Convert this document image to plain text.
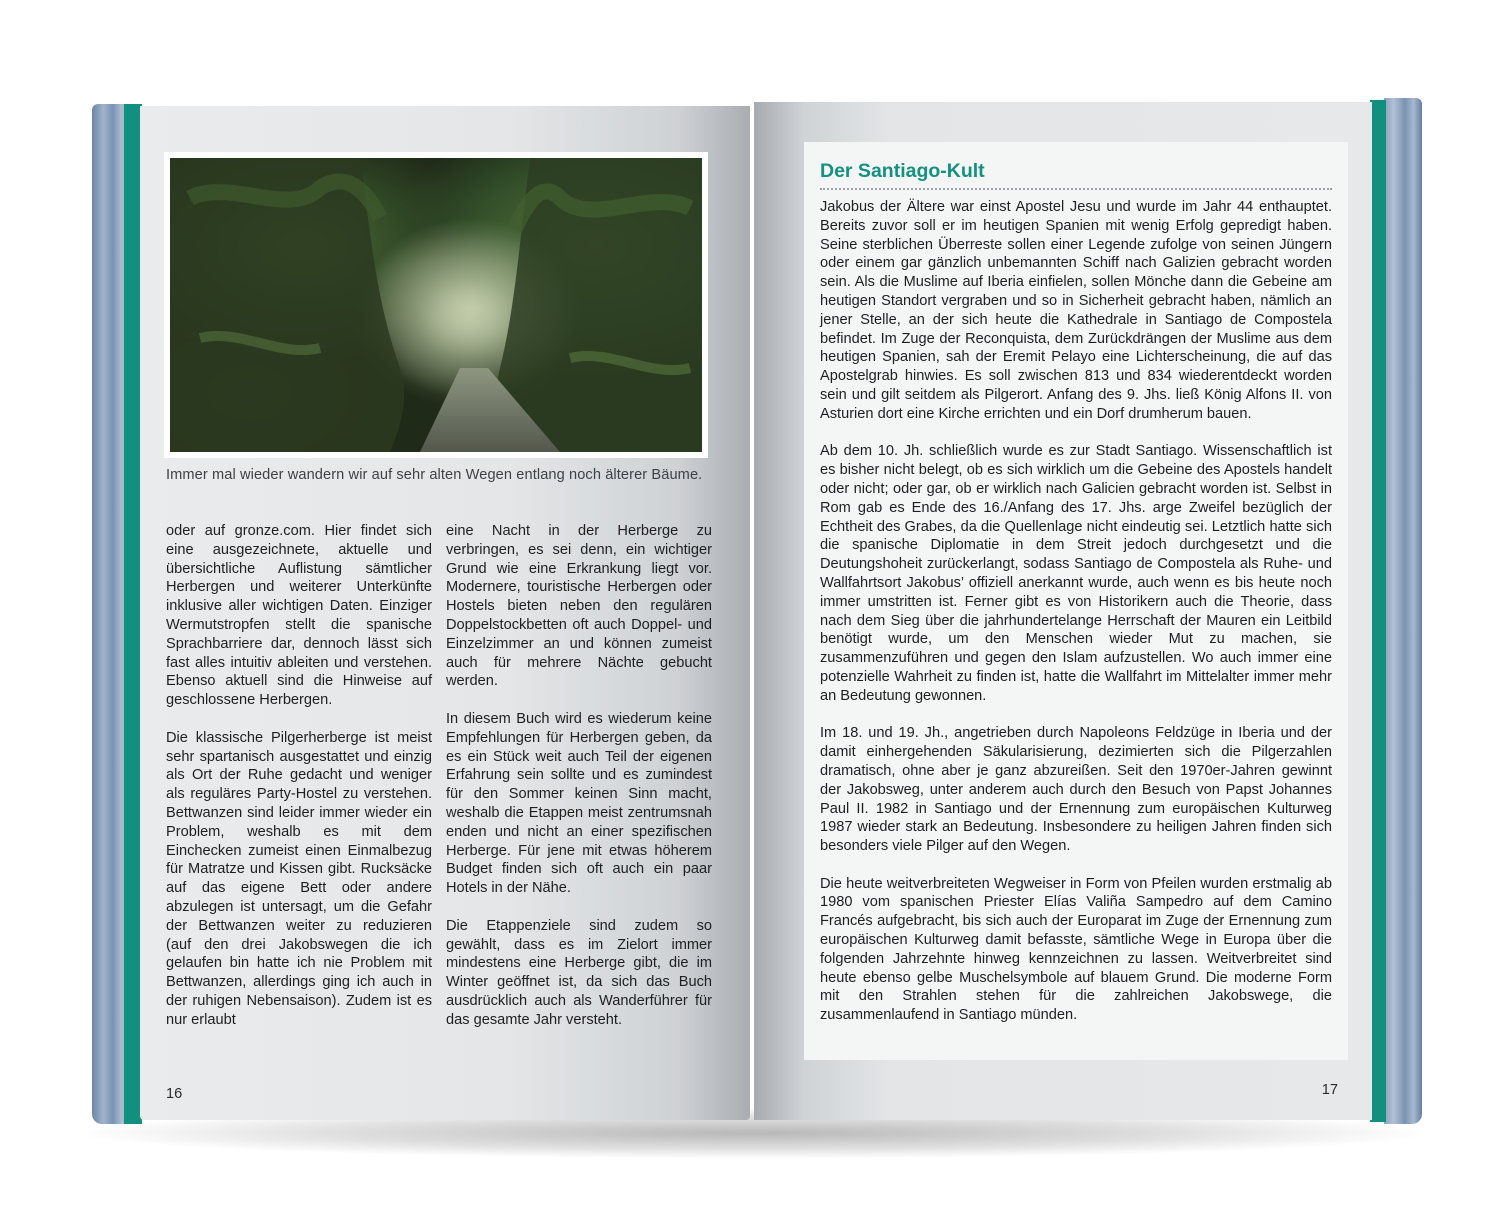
Immer mal wieder wandern wir auf sehr alten Wegen entlang noch älterer Bäume.

oder auf gronze.com. Hier findet sich eine ausgezeichnete, aktuelle und übersichtliche Auflistung sämtlicher Herbergen und weiterer Unterkünfte inklusive aller wichtigen Daten. Einziger Wermutstropfen stellt die spanische Sprachbarriere dar, dennoch lässt sich fast alles intuitiv ableiten und verstehen. Ebenso aktuell sind die Hinweise auf geschlossene Herbergen.

Die klassische Pilgerherberge ist meist sehr spartanisch ausgestattet und einzig als Ort der Ruhe gedacht und weniger als reguläres Party-Hostel zu verstehen. Bettwanzen sind leider immer wieder ein Problem, weshalb es mit dem Einchecken zumeist einen Einmalbezug für Matratze und Kissen gibt. Rucksäcke auf das eigene Bett oder andere abzulegen ist untersagt, um die Gefahr der Bettwanzen weiter zu reduzieren (auf den drei Jakobswegen die ich gelaufen bin hatte ich nie Problem mit Bettwanzen, allerdings ging ich auch in der ruhigen Nebensaison). Zudem ist es nur erlaubt

eine Nacht in der Herberge zu verbringen, es sei denn, ein wichtiger Grund wie eine Erkrankung liegt vor. Modernere, touristische Herbergen oder Hostels bieten neben den regulären Doppelstockbetten oft auch Doppel- und Einzelzimmer an und können zumeist auch für mehrere Nächte gebucht werden.

In diesem Buch wird es wiederum keine Empfehlungen für Herbergen geben, da es ein Stück weit auch Teil der eigenen Erfahrung sein sollte und es zumindest für den Sommer keinen Sinn macht, weshalb die Etappen meist zentrumsnah enden und nicht an einer spezifischen Herberge. Für jene mit etwas höherem Budget finden sich oft auch ein paar Hotels in der Nähe.

Die Etappenziele sind zudem so gewählt, dass es im Zielort immer mindestens eine Herberge gibt, die im Winter geöffnet ist, da sich das Buch ausdrücklich auch als Wanderführer für das gesamte Jahr versteht.

16
Der Santiago-Kult

Jakobus der Ältere war einst Apostel Jesu und wurde im Jahr 44 enthauptet. Bereits zuvor soll er im heutigen Spanien mit wenig Erfolg gepredigt haben. Seine sterblichen Überreste sollen einer Legende zufolge von seinen Jüngern oder einem gar gänzlich unbemannten Schiff nach Galizien gebracht worden sein. Als die Muslime auf Iberia einfielen, sollen Mönche dann die Gebeine am heutigen Standort vergraben und so in Sicherheit gebracht haben, nämlich an jener Stelle, an der sich heute die Kathedrale in Santiago de Compostela befindet. Im Zuge der Reconquista, dem Zurückdrängen der Muslime aus dem heutigen Spanien, sah der Eremit Pelayo eine Lichterscheinung, die auf das Apostelgrab hinwies. Es soll zwischen 813 und 834 wiederentdeckt worden sein und gilt seitdem als Pilgerort. Anfang des 9. Jhs. ließ König Alfons II. von Asturien dort eine Kirche errichten und ein Dorf drumherum bauen.

Ab dem 10. Jh. schließlich wurde es zur Stadt Santiago. Wissenschaftlich ist es bisher nicht belegt, ob es sich wirklich um die Gebeine des Apostels handelt oder nicht; oder gar, ob er wirklich nach Galicien gebracht worden ist. Selbst in Rom gab es Ende des 16./Anfang des 17. Jhs. arge Zweifel bezüglich der Echtheit des Grabes, da die Quellenlage nicht eindeutig sei. Letztlich hatte sich die spanische Diplomatie in dem Streit jedoch durchgesetzt und die Deutungshoheit zurückerlangt, sodass Santiago de Compostela als Ruhe- und Wallfahrtsort Jakobus’ offiziell anerkannt wurde, auch wenn es bis heute noch immer umstritten ist. Ferner gibt es von Historikern auch die Theorie, dass nach dem Sieg über die jahrhundertelange Herrschaft der Mauren ein Leitbild benötigt wurde, um den Menschen wieder Mut zu machen, sie zusammenzuführen und gegen den Islam aufzustellen. Wo auch immer eine potenzielle Wahrheit zu finden ist, hatte die Wallfahrt im Mittelalter immer mehr an Bedeutung gewonnen.

Im 18. und 19. Jh., angetrieben durch Napoleons Feldzüge in Iberia und der damit einhergehenden Säkularisierung, dezimierten sich die Pilgerzahlen dramatisch, ohne aber je ganz abzureißen. Seit den 1970er-Jahren gewinnt der Jakobsweg, unter anderem auch durch den Besuch von Papst Johannes Paul II. 1982 in Santiago und der Ernennung zum europäischen Kulturweg 1987 wieder stark an Bedeutung. Insbesondere zu heiligen Jahren finden sich besonders viele Pilger auf den Wegen.

Die heute weitverbreiteten Wegweiser in Form von Pfeilen wurden erstmalig ab 1980 vom spanischen Priester Elías Valiña Sampedro auf dem Camino Francés aufgebracht, bis sich auch der Europarat im Zuge der Ernennung zum europäischen Kulturweg damit befasste, sämtliche Wege in Europa über die folgenden Jahrzehnte hinweg kennzeichnen zu lassen. Weitverbreitet sind heute ebenso gelbe Muschelsymbole auf blauem Grund. Die moderne Form mit den Strahlen stehen für die zahlreichen Jakobswege, die zusammenlaufend in Santiago münden.

17
